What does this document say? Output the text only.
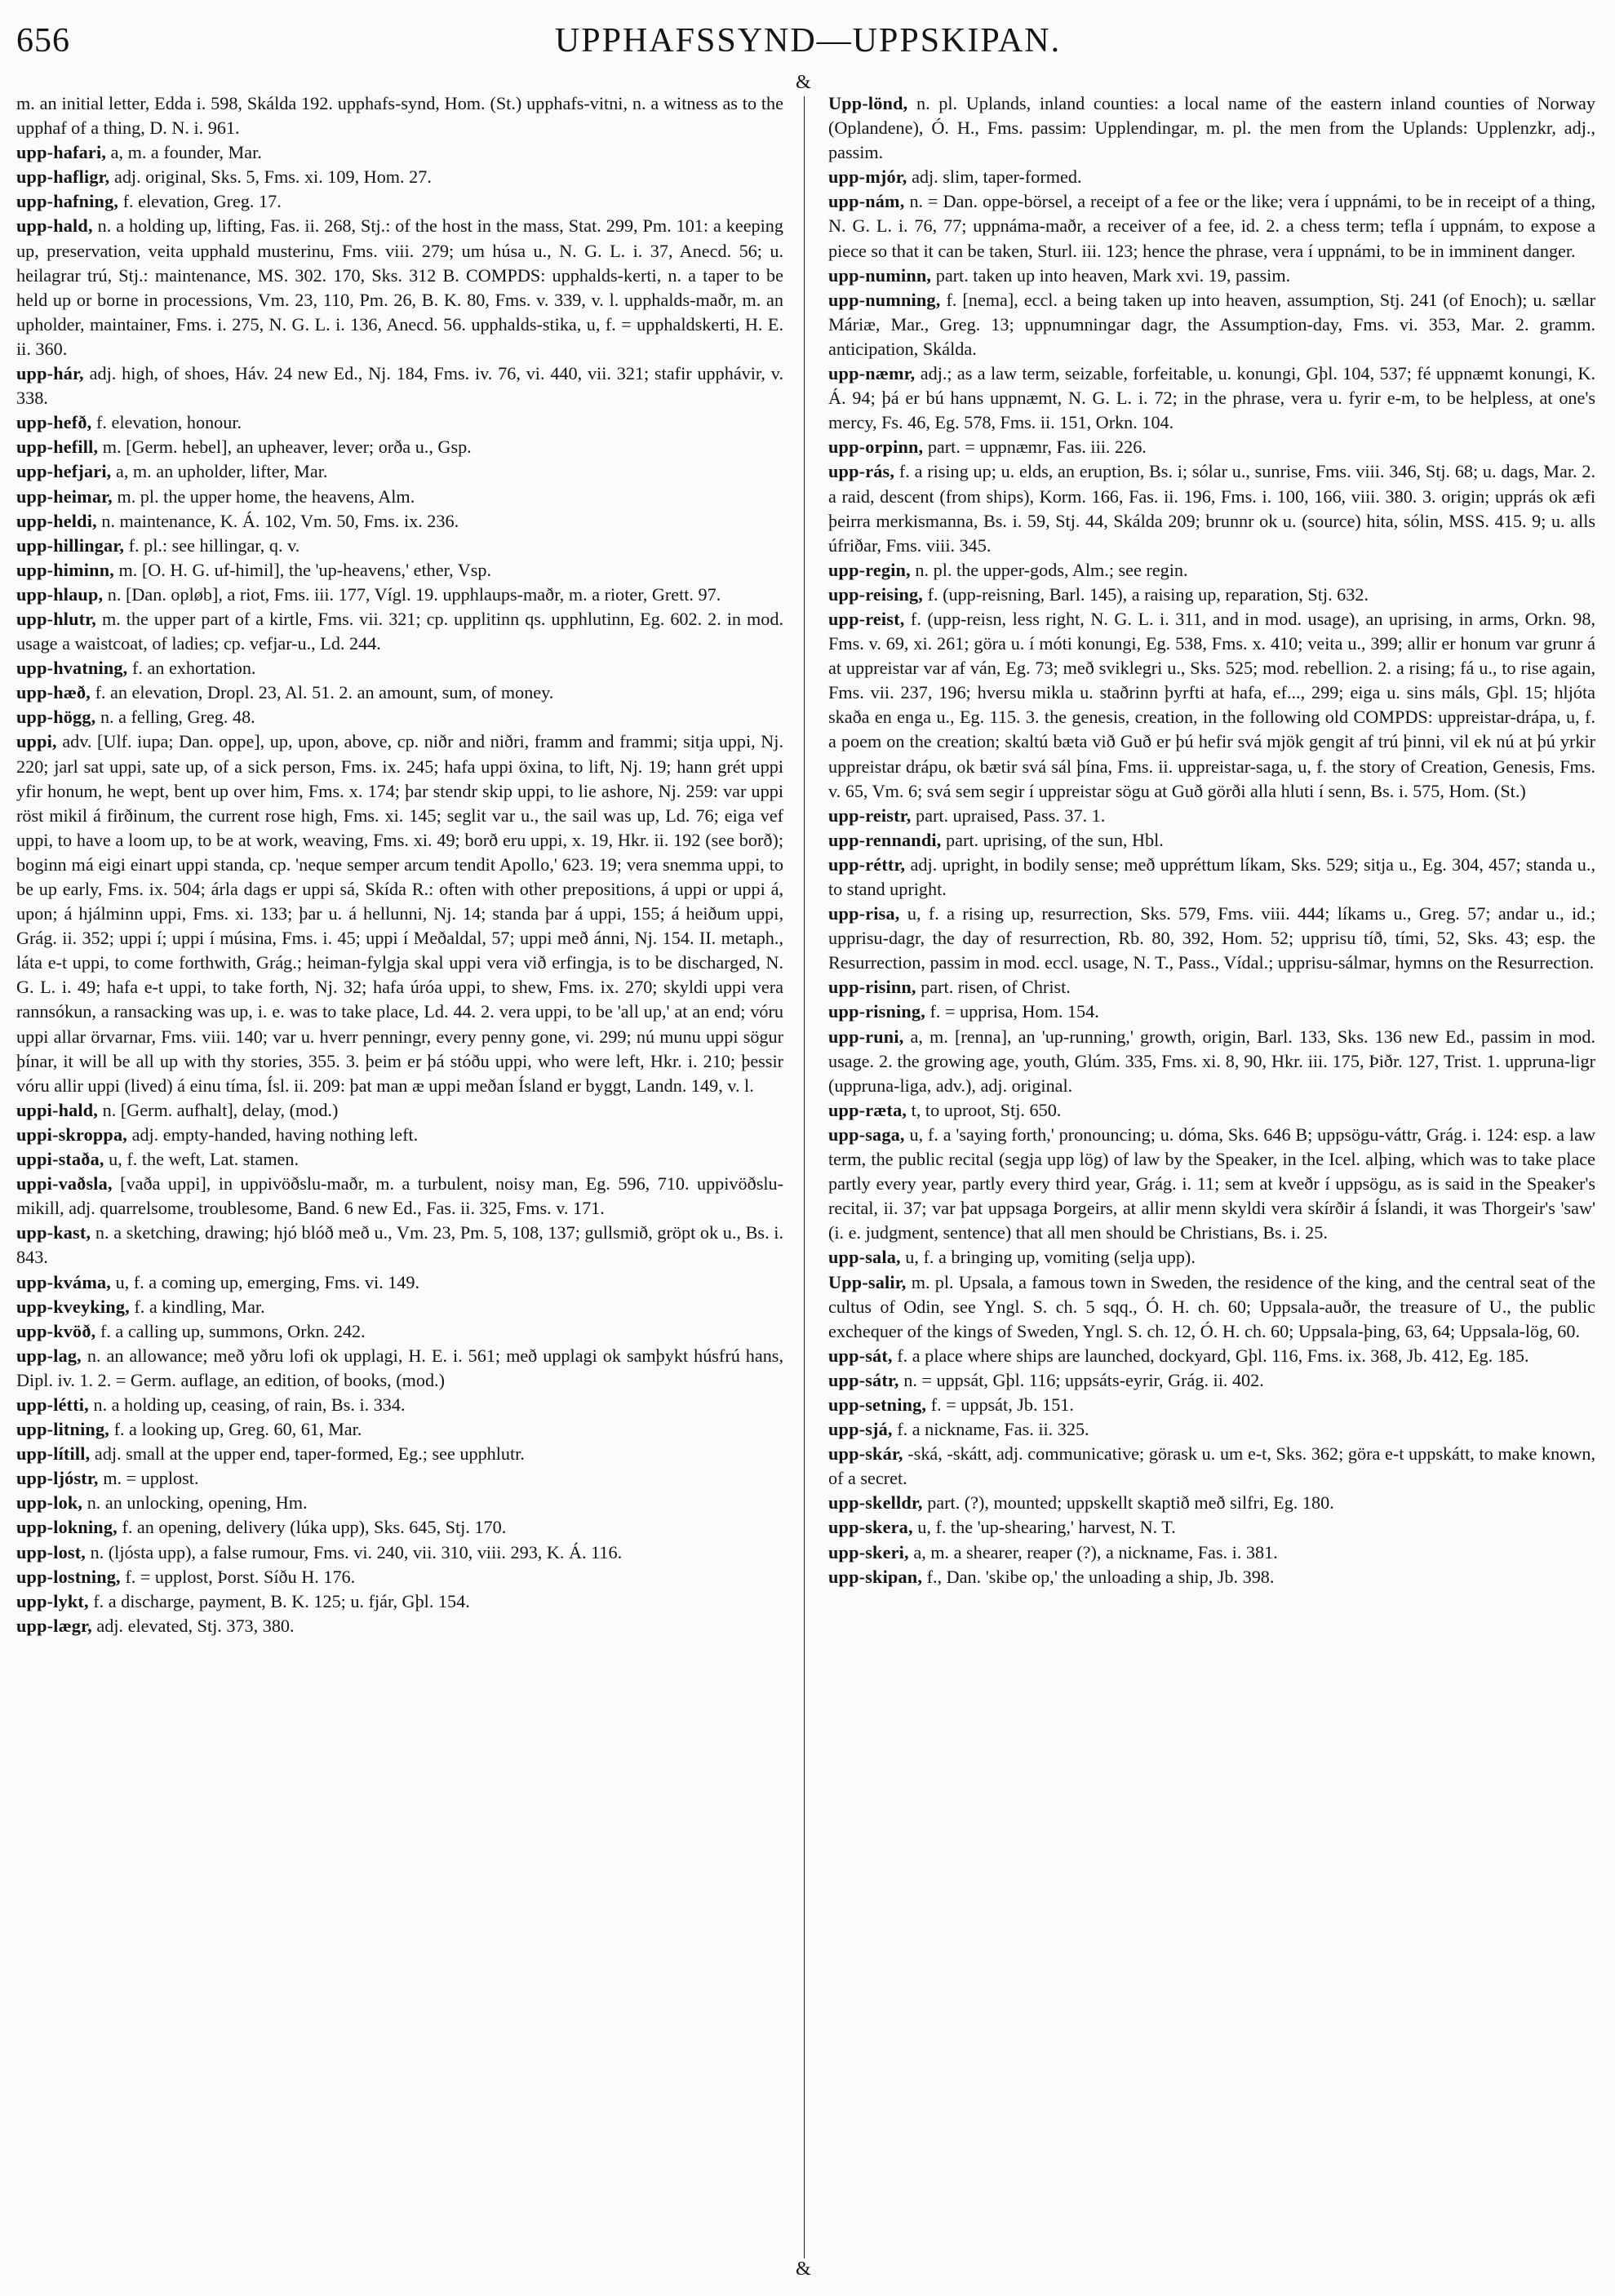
656	UPPHAFSSYND—UPPSKIPAN.
&
&

m. an initial letter, Edda i. 598, Skálda 192. upphafs-synd, Hom. (St.) upphafs-vitni, n. a witness as to the upphaf of a thing, D. N. i. 961.

upp-hafari, a, m. a founder, Mar.

upp-hafligr, adj. original, Sks. 5, Fms. xi. 109, Hom. 27.

upp-hafning, f. elevation, Greg. 17.

upp-hald, n. a holding up, lifting, Fas. ii. 268, Stj.: of the host in the mass, Stat. 299, Pm. 101: a keeping up, preservation, veita upphald musterinu, Fms. viii. 279; um húsa u., N. G. L. i. 37, Anecd. 56; u. heilagrar trú, Stj.: maintenance, MS. 302. 170, Sks. 312 B. COMPDS: upphalds-kerti, n. a taper to be held up or borne in processions, Vm. 23, 110, Pm. 26, B. K. 80, Fms. v. 339, v. l. upphalds-maðr, m. an upholder, maintainer, Fms. i. 275, N. G. L. i. 136, Anecd. 56. upphalds-stika, u, f. = upphaldskerti, H. E. ii. 360.

upp-hár, adj. high, of shoes, Háv. 24 new Ed., Nj. 184, Fms. iv. 76, vi. 440, vii. 321; stafir upphávir, v. 338.

upp-hefð, f. elevation, honour.

upp-hefill, m. [Germ. hebel], an upheaver, lever; orða u., Gsp.

upp-hefjari, a, m. an upholder, lifter, Mar.

upp-heimar, m. pl. the upper home, the heavens, Alm.

upp-heldi, n. maintenance, K. Á. 102, Vm. 50, Fms. ix. 236.

upp-hillingar, f. pl.: see hillingar, q. v.

upp-himinn, m. [O. H. G. uf-himil], the 'up-heavens,' ether, Vsp.

upp-hlaup, n. [Dan. opløb], a riot, Fms. iii. 177, Vígl. 19. upphlaups-maðr, m. a rioter, Grett. 97.

upp-hlutr, m. the upper part of a kirtle, Fms. vii. 321; cp. upplitinn qs. upphlutinn, Eg. 602. 2. in mod. usage a waistcoat, of ladies; cp. vefjar-u., Ld. 244.

upp-hvatning, f. an exhortation.

upp-hæð, f. an elevation, Dropl. 23, Al. 51. 2. an amount, sum, of money.

upp-högg, n. a felling, Greg. 48.

uppi, adv. [Ulf. iupa; Dan. oppe], up, upon, above, cp. niðr and niðri, framm and frammi; sitja uppi, Nj. 220; jarl sat uppi, sate up, of a sick person, Fms. ix. 245; hafa uppi öxina, to lift, Nj. 19; hann grét uppi yfir honum, he wept, bent up over him, Fms. x. 174; þar stendr skip uppi, to lie ashore, Nj. 259: var uppi röst mikil á firðinum, the current rose high, Fms. xi. 145; seglit var u., the sail was up, Ld. 76; eiga vef uppi, to have a loom up, to be at work, weaving, Fms. xi. 49; borð eru uppi, x. 19, Hkr. ii. 192 (see borð); boginn má eigi einart uppi standa, cp. 'neque semper arcum tendit Apollo,' 623. 19; vera snemma uppi, to be up early, Fms. ix. 504; árla dags er uppi sá, Skída R.: often with other prepositions, á uppi or uppi á, upon; á hjálminn uppi, Fms. xi. 133; þar u. á hellunni, Nj. 14; standa þar á uppi, 155; á heiðum uppi, Grág. ii. 352; uppi í; uppi í músina, Fms. i. 45; uppi í Meðaldal, 57; uppi með ánni, Nj. 154. II. metaph., láta e-t uppi, to come forthwith, Grág.; heiman-fylgja skal uppi vera við erfingja, is to be discharged, N. G. L. i. 49; hafa e-t uppi, to take forth, Nj. 32; hafa úróa uppi, to shew, Fms. ix. 270; skyldi uppi vera rannsókun, a ransacking was up, i. e. was to take place, Ld. 44. 2. vera uppi, to be 'all up,' at an end; vóru uppi allar örvarnar, Fms. viii. 140; var u. hverr penningr, every penny gone, vi. 299; nú munu uppi sögur þínar, it will be all up with thy stories, 355. 3. þeim er þá stóðu uppi, who were left, Hkr. i. 210; þessir vóru allir uppi (lived) á einu tíma, Ísl. ii. 209: þat man æ uppi meðan Ísland er byggt, Landn. 149, v. l.

uppi-hald, n. [Germ. aufhalt], delay, (mod.)

uppi-skroppa, adj. empty-handed, having nothing left.

uppi-staða, u, f. the weft, Lat. stamen.

uppi-vaðsla, [vaða uppi], in uppivöðslu-maðr, m. a turbulent, noisy man, Eg. 596, 710. uppivöðslu-mikill, adj. quarrelsome, troublesome, Band. 6 new Ed., Fas. ii. 325, Fms. v. 171.

upp-kast, n. a sketching, drawing; hjó blóð með u., Vm. 23, Pm. 5, 108, 137; gullsmið, gröpt ok u., Bs. i. 843.

upp-kváma, u, f. a coming up, emerging, Fms. vi. 149.

upp-kveyking, f. a kindling, Mar.

upp-kvöð, f. a calling up, summons, Orkn. 242.

upp-lag, n. an allowance; með yðru lofi ok upplagi, H. E. i. 561; með upplagi ok samþykt húsfrú hans, Dipl. iv. 1. 2. = Germ. auflage, an edition, of books, (mod.)

upp-létti, n. a holding up, ceasing, of rain, Bs. i. 334.

upp-litning, f. a looking up, Greg. 60, 61, Mar.

upp-lítill, adj. small at the upper end, taper-formed, Eg.; see upphlutr.

upp-ljóstr, m. = upplost.

upp-lok, n. an unlocking, opening, Hm.

upp-lokning, f. an opening, delivery (lúka upp), Sks. 645, Stj. 170.

upp-lost, n. (ljósta upp), a false rumour, Fms. vi. 240, vii. 310, viii. 293, K. Á. 116.

upp-lostning, f. = upplost, Þorst. Síðu H. 176.

upp-lykt, f. a discharge, payment, B. K. 125; u. fjár, Gþl. 154.

upp-lægr, adj. elevated, Stj. 373, 380.

Upp-lönd, n. pl. Uplands, inland counties: a local name of the eastern inland counties of Norway (Oplandene), Ó. H., Fms. passim: Upplendingar, m. pl. the men from the Uplands: Upplenzkr, adj., passim.

upp-mjór, adj. slim, taper-formed.

upp-nám, n. = Dan. oppe-börsel, a receipt of a fee or the like; vera í uppnámi, to be in receipt of a thing, N. G. L. i. 76, 77; uppnáma-maðr, a receiver of a fee, id. 2. a chess term; tefla í uppnám, to expose a piece so that it can be taken, Sturl. iii. 123; hence the phrase, vera í uppnámi, to be in imminent danger.

upp-numinn, part. taken up into heaven, Mark xvi. 19, passim.

upp-numning, f. [nema], eccl. a being taken up into heaven, assumption, Stj. 241 (of Enoch); u. sællar Máriæ, Mar., Greg. 13; uppnumningar dagr, the Assumption-day, Fms. vi. 353, Mar. 2. gramm. anticipation, Skálda.

upp-næmr, adj.; as a law term, seizable, forfeitable, u. konungi, Gþl. 104, 537; fé uppnæmt konungi, K. Á. 94; þá er bú hans uppnæmt, N. G. L. i. 72; in the phrase, vera u. fyrir e-m, to be helpless, at one's mercy, Fs. 46, Eg. 578, Fms. ii. 151, Orkn. 104.

upp-orpinn, part. = uppnæmr, Fas. iii. 226.

upp-rás, f. a rising up; u. elds, an eruption, Bs. i; sólar u., sunrise, Fms. viii. 346, Stj. 68; u. dags, Mar. 2. a raid, descent (from ships), Korm. 166, Fas. ii. 196, Fms. i. 100, 166, viii. 380. 3. origin; upprás ok æfi þeirra merkismanna, Bs. i. 59, Stj. 44, Skálda 209; brunnr ok u. (source) hita, sólin, MSS. 415. 9; u. alls úfriðar, Fms. viii. 345.

upp-regin, n. pl. the upper-gods, Alm.; see regin.

upp-reising, f. (upp-reisning, Barl. 145), a raising up, reparation, Stj. 632.

upp-reist, f. (upp-reisn, less right, N. G. L. i. 311, and in mod. usage), an uprising, in arms, Orkn. 98, Fms. v. 69, xi. 261; göra u. í móti konungi, Eg. 538, Fms. x. 410; veita u., 399; allir er honum var grunr á at uppreistar var af ván, Eg. 73; með sviklegri u., Sks. 525; mod. rebellion. 2. a rising; fá u., to rise again, Fms. vii. 237, 196; hversu mikla u. staðrinn þyrfti at hafa, ef..., 299; eiga u. sins máls, Gþl. 15; hljóta skaða en enga u., Eg. 115. 3. the genesis, creation, in the following old COMPDS: uppreistar-drápa, u, f. a poem on the creation; skaltú bæta við Guð er þú hefir svá mjök gengit af trú þinni, vil ek nú at þú yrkir uppreistar drápu, ok bætir svá sál þína, Fms. ii. uppreistar-saga, u, f. the story of Creation, Genesis, Fms. v. 65, Vm. 6; svá sem segir í uppreistar sögu at Guð görði alla hluti í senn, Bs. i. 575, Hom. (St.)

upp-reistr, part. upraised, Pass. 37. 1.

upp-rennandi, part. uprising, of the sun, Hbl.

upp-réttr, adj. upright, in bodily sense; með uppréttum líkam, Sks. 529; sitja u., Eg. 304, 457; standa u., to stand upright.

upp-risa, u, f. a rising up, resurrection, Sks. 579, Fms. viii. 444; líkams u., Greg. 57; andar u., id.; upprisu-dagr, the day of resurrection, Rb. 80, 392, Hom. 52; upprisu tíð, tími, 52, Sks. 43; esp. the Resurrection, passim in mod. eccl. usage, N. T., Pass., Vídal.; upprisu-sálmar, hymns on the Resurrection.

upp-risinn, part. risen, of Christ.

upp-risning, f. = upprisa, Hom. 154.

upp-runi, a, m. [renna], an 'up-running,' growth, origin, Barl. 133, Sks. 136 new Ed., passim in mod. usage. 2. the growing age, youth, Glúm. 335, Fms. xi. 8, 90, Hkr. iii. 175, Þiðr. 127, Trist. 1. uppruna-ligr (uppruna-liga, adv.), adj. original.

upp-ræta, t, to uproot, Stj. 650.

upp-saga, u, f. a 'saying forth,' pronouncing; u. dóma, Sks. 646 B; uppsögu-váttr, Grág. i. 124: esp. a law term, the public recital (segja upp lög) of law by the Speaker, in the Icel. alþing, which was to take place partly every year, partly every third year, Grág. i. 11; sem at kveðr í uppsögu, as is said in the Speaker's recital, ii. 37; var þat uppsaga Þorgeirs, at allir menn skyldi vera skírðir á Íslandi, it was Thorgeir's 'saw' (i. e. judgment, sentence) that all men should be Christians, Bs. i. 25.

upp-sala, u, f. a bringing up, vomiting (selja upp).

Upp-salir, m. pl. Upsala, a famous town in Sweden, the residence of the king, and the central seat of the cultus of Odin, see Yngl. S. ch. 5 sqq., Ó. H. ch. 60; Uppsala-auðr, the treasure of U., the public exchequer of the kings of Sweden, Yngl. S. ch. 12, Ó. H. ch. 60; Uppsala-þing, 63, 64; Uppsala-lög, 60.

upp-sát, f. a place where ships are launched, dockyard, Gþl. 116, Fms. ix. 368, Jb. 412, Eg. 185.

upp-sátr, n. = uppsát, Gþl. 116; uppsáts-eyrir, Grág. ii. 402.

upp-setning, f. = uppsát, Jb. 151.

upp-sjá, f. a nickname, Fas. ii. 325.

upp-skár, -ská, -skátt, adj. communicative; görask u. um e-t, Sks. 362; göra e-t uppskátt, to make known, of a secret.

upp-skelldr, part. (?), mounted; uppskellt skaptið með silfri, Eg. 180.

upp-skera, u, f. the 'up-shearing,' harvest, N. T.

upp-skeri, a, m. a shearer, reaper (?), a nickname, Fas. i. 381.

upp-skipan, f., Dan. 'skibe op,' the unloading a ship, Jb. 398.
